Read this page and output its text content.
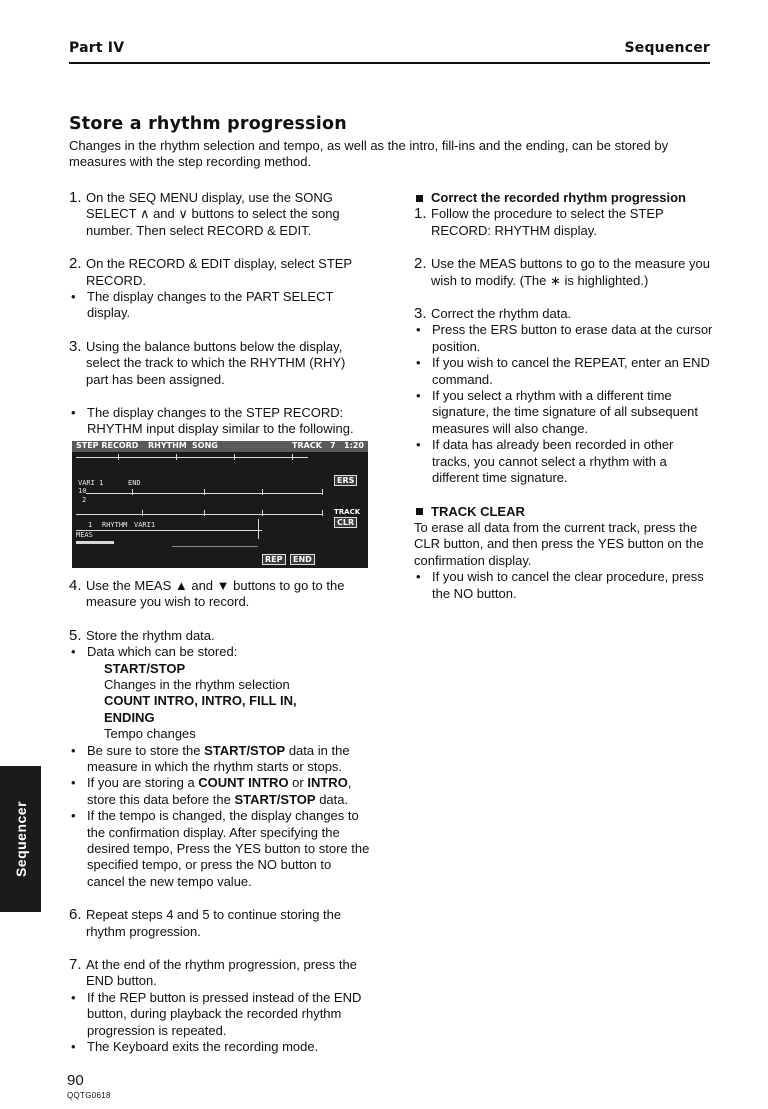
Part IV	Sequencer
Store a rhythm progression
Changes in the rhythm selection and tempo, as well as the intro, fill-ins and the ending, can be stored by measures with the step recording method.
1. On the SEQ MENU display, use the SONG SELECT ∧ and ∨ buttons to select the song number. Then select RECORD & EDIT.
2. On the RECORD & EDIT display, select STEP RECORD.
• The display changes to the PART SELECT display.
3. Using the balance buttons below the display, select the track to which the RHYTHM (RHY) part has been assigned.
• The display changes to the STEP RECORD: RHYTHM input display similar to the following.
STEP RECORD RHYTHM SONG	TRACK 7 1:20
VARI 1	END
10
2
1 RHYTHM VARI1
MEAS
ERS
TRACK
CLR
REP	END
4. Use the MEAS ▲ and ▼ buttons to go to the measure you wish to record.
5. Store the rhythm data.
• Data which can be stored:
START/STOP
Changes in the rhythm selection
COUNT INTRO, INTRO, FILL IN,
ENDING
Tempo changes
• Be sure to store the START/STOP data in the measure in which the rhythm starts or stops.
• If you are storing a COUNT INTRO or INTRO, store this data before the START/STOP data.
• If the tempo is changed, the display changes to the confirmation display. After specifying the desired tempo, Press the YES button to store the specified tempo, or press the NO button to cancel the new tempo value.
6. Repeat steps 4 and 5 to continue storing the rhythm progression.
7. At the end of the rhythm progression, press the END button.
• If the REP button is pressed instead of the END button, during playback the recorded rhythm progression is repeated.
• The Keyboard exits the recording mode.
Correct the recorded rhythm progression
1. Follow the procedure to select the STEP RECORD: RHYTHM display.
2. Use the MEAS buttons to go to the measure you wish to modify. (The ∗ is highlighted.)
3. Correct the rhythm data.
• Press the ERS button to erase data at the cursor position.
• If you wish to cancel the REPEAT, enter an END command.
• If you select a rhythm with a different time signature, the time signature of all subsequent measures will also change.
• If data has already been recorded in other tracks, you cannot select a rhythm with a different time signature.
TRACK CLEAR
To erase all data from the current track, press the CLR button, and then press the YES button on the confirmation display.
• If you wish to cancel the clear procedure, press the NO button.
Sequencer
90
QQTG0618
